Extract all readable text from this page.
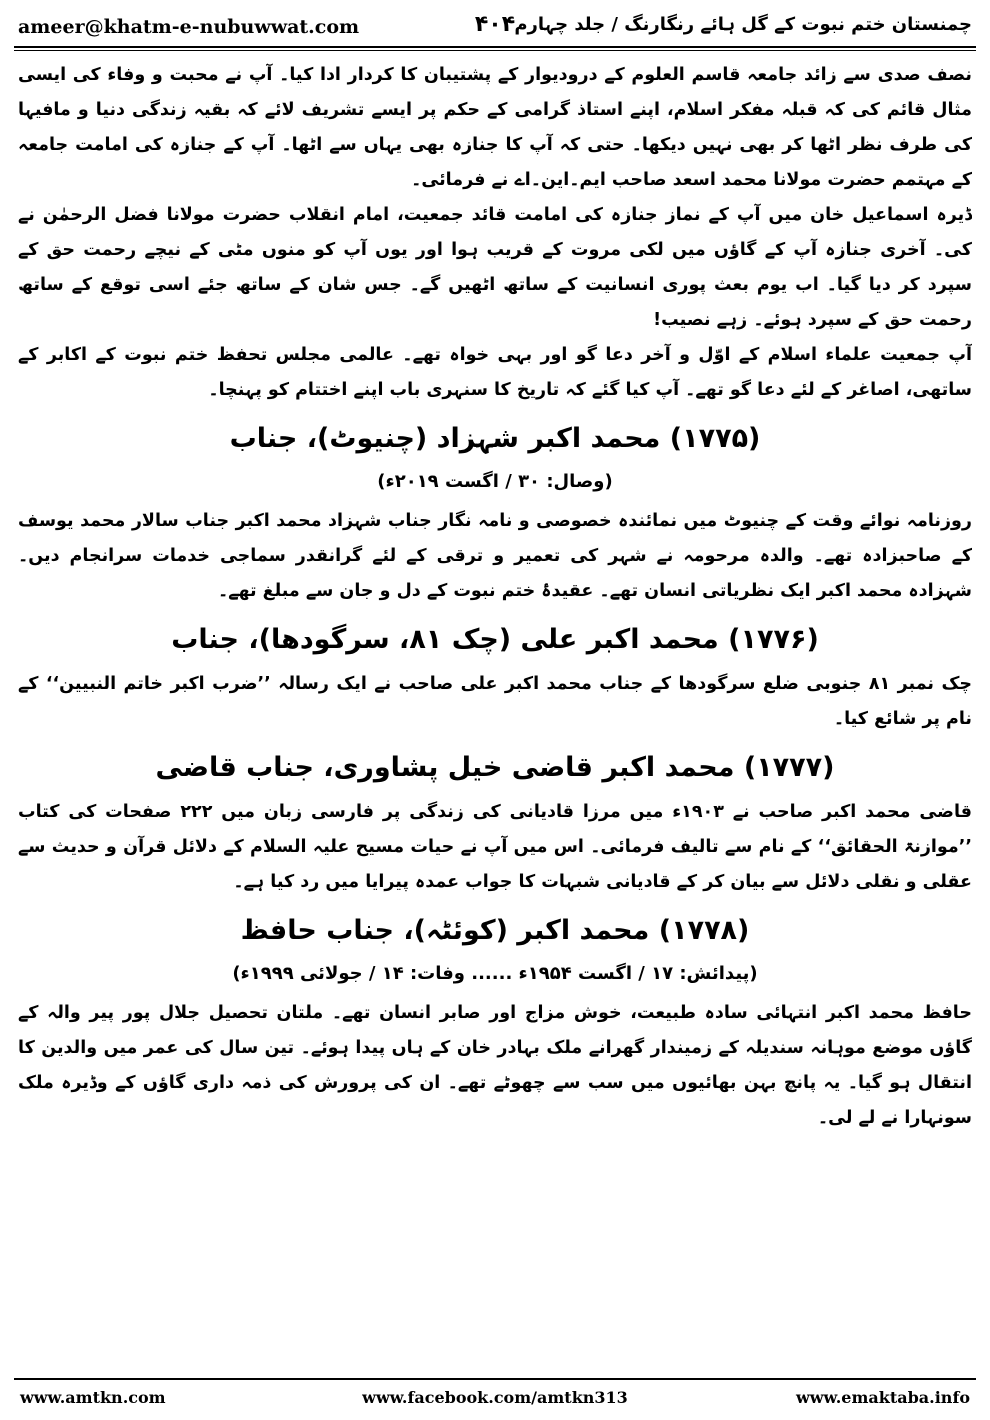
ameer@khatm-e-nubuwwat.com	۴۰۴ چمنستان ختم نبوت کے گل ہائے رنگارنگ / جلد چہارم

نصف صدی سے زائد جامعہ قاسم العلوم کے درودیوار کے پشتیبان کا کردار ادا کیا۔ آپ نے محبت و وفاء کی ایسی مثال قائم کی کہ قبلہ مفکر اسلام، اپنے استاذ گرامی کے حکم پر ایسے تشریف لائے کہ بقیہ زندگی دنیا و مافیہا کی طرف نظر اٹھا کر بھی نہیں دیکھا۔ حتی کہ آپ کا جنازہ بھی یہاں سے اٹھا۔ آپ کے جنازہ کی امامت جامعہ کے مہتمم حضرت مولانا محمد اسعد صاحب ایم۔این۔اے نے فرمائی۔

ڈیرہ اسماعیل خان میں آپ کے نماز جنازہ کی امامت قائد جمعیت، امام انقلاب حضرت مولانا فضل الرحمٰن نے کی۔ آخری جنازہ آپ کے گاؤں میں لکی مروت کے قریب ہوا اور یوں آپ کو منوں مٹی کے نیچے رحمت حق کے سپرد کر دیا گیا۔ اب یوم بعث پوری انسانیت کے ساتھ اٹھیں گے۔ جس شان کے ساتھ جئے اسی توقع کے ساتھ رحمت حق کے سپرد ہوئے۔ زہے نصیب!

آپ جمعیت علماء اسلام کے اوّل و آخر دعا گو اور بہی خواہ تھے۔ عالمی مجلس تحفظ ختم نبوت کے اکابر کے ساتھی، اصاغر کے لئے دعا گو تھے۔ آپ کیا گئے کہ تاریخ کا سنہری باب اپنے اختتام کو پہنچا۔

(۱۷۷۵) محمد اکبر شہزاد (چنیوٹ)، جناب
(وصال: ۳۰ / اگست ۲۰۱۹ء)

روزنامہ نوائے وقت کے چنیوٹ میں نمائندہ خصوصی و نامہ نگار جناب شہزاد محمد اکبر جناب سالار محمد یوسف کے صاحبزادہ تھے۔ والدہ مرحومہ نے شہر کی تعمیر و ترقی کے لئے گرانقدر سماجی خدمات سرانجام دیں۔ شہزادہ محمد اکبر ایک نظریاتی انسان تھے۔ عقیدۂ ختم نبوت کے دل و جان سے مبلغ تھے۔

(۱۷۷۶) محمد اکبر علی (چک ۸۱، سرگودھا)، جناب

چک نمبر ۸۱ جنوبی ضلع سرگودھا کے جناب محمد اکبر علی صاحب نے ایک رسالہ ’’ضرب اکبر خاتم النبیین‘‘ کے نام پر شائع کیا۔

(۱۷۷۷) محمد اکبر قاضی خیل پشاوری، جناب قاضی

قاضی محمد اکبر صاحب نے ۱۹۰۳ء میں مرزا قادیانی کی زندگی پر فارسی زبان میں ۲۲۲ صفحات کی کتاب ’’موازنۃ الحقائق‘‘ کے نام سے تالیف فرمائی۔ اس میں آپ نے حیات مسیح علیہ السلام کے دلائل قرآن و حدیث سے عقلی و نقلی دلائل سے بیان کر کے قادیانی شبہات کا جواب عمدہ پیرایا میں رد کیا ہے۔

(۱۷۷۸) محمد اکبر (کوئٹہ)، جناب حافظ
(پیدائش: ۱۷ / اگست ۱۹۵۴ء ...... وفات: ۱۴ / جولائی ۱۹۹۹ء)

حافظ محمد اکبر انتہائی سادہ طبیعت، خوش مزاج اور صابر انسان تھے۔ ملتان تحصیل جلال پور پیر والہ کے گاؤں موضع موہانہ سندیلہ کے زمیندار گھرانے ملک بہادر خان کے ہاں پیدا ہوئے۔ تین سال کی عمر میں والدین کا انتقال ہو گیا۔ یہ پانچ بہن بھائیوں میں سب سے چھوٹے تھے۔ ان کی پرورش کی ذمہ داری گاؤں کے وڈیرہ ملک سونہارا نے لے لی۔

www.amtkn.com	www.facebook.com/amtkn313	www.emaktaba.info
